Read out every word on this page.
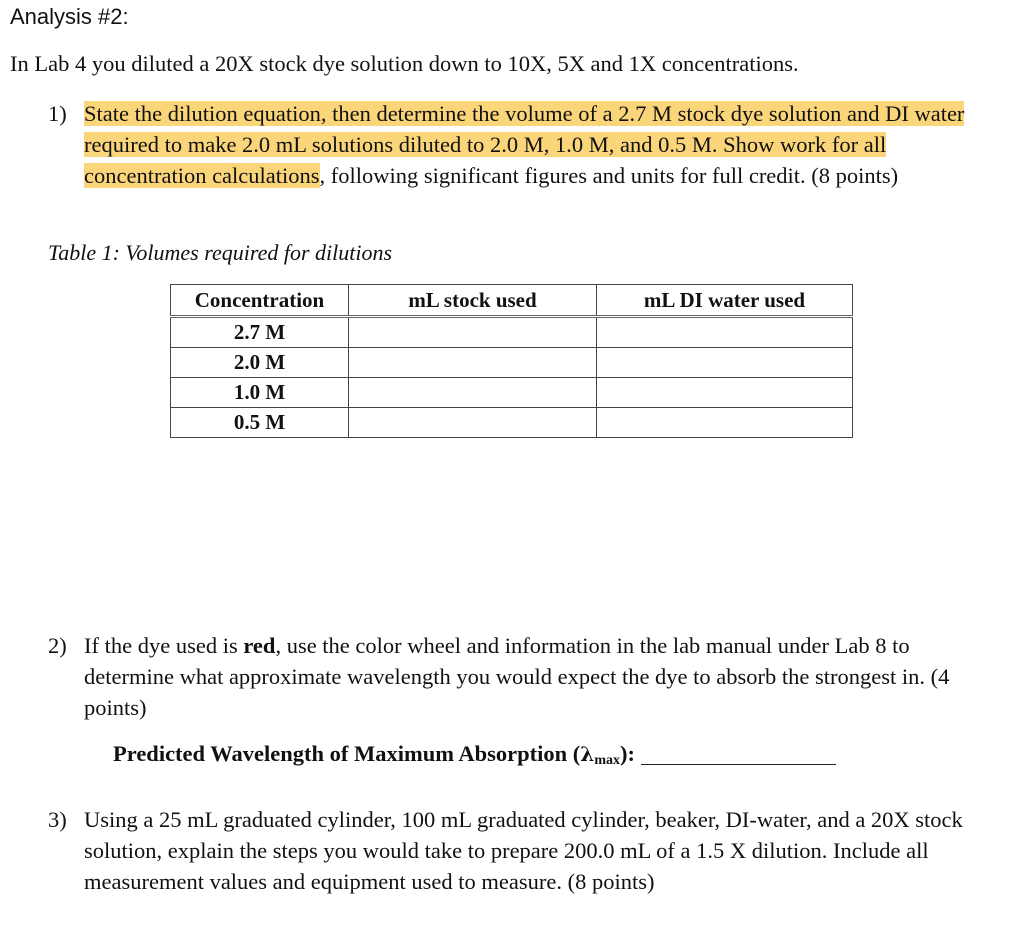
Analysis #2:
In Lab 4 you diluted a 20X stock dye solution down to 10X, 5X and 1X concentrations.
1) State the dilution equation, then determine the volume of a 2.7 M stock dye solution and DI water required to make 2.0 mL solutions diluted to 2.0 M, 1.0 M, and 0.5 M. Show work for all concentration calculations, following significant figures and units for full credit. (8 points)
Table 1: Volumes required for dilutions
Concentration	mL stock used	mL DI water used
2.7 M		
2.0 M		
1.0 M		
0.5 M		
2) If the dye used is red, use the color wheel and information in the lab manual under Lab 8 to determine what approximate wavelength you would expect the dye to absorb the strongest in. (4 points)
Predicted Wavelength of Maximum Absorption $(\lambda_{max})$:
3) Using a 25 mL graduated cylinder, 100 mL graduated cylinder, beaker, DI-water, and a 20X stock solution, explain the steps you would take to prepare 200.0 mL of a 1.5 X dilution. Include all measurement values and equipment used to measure. (8 points)
